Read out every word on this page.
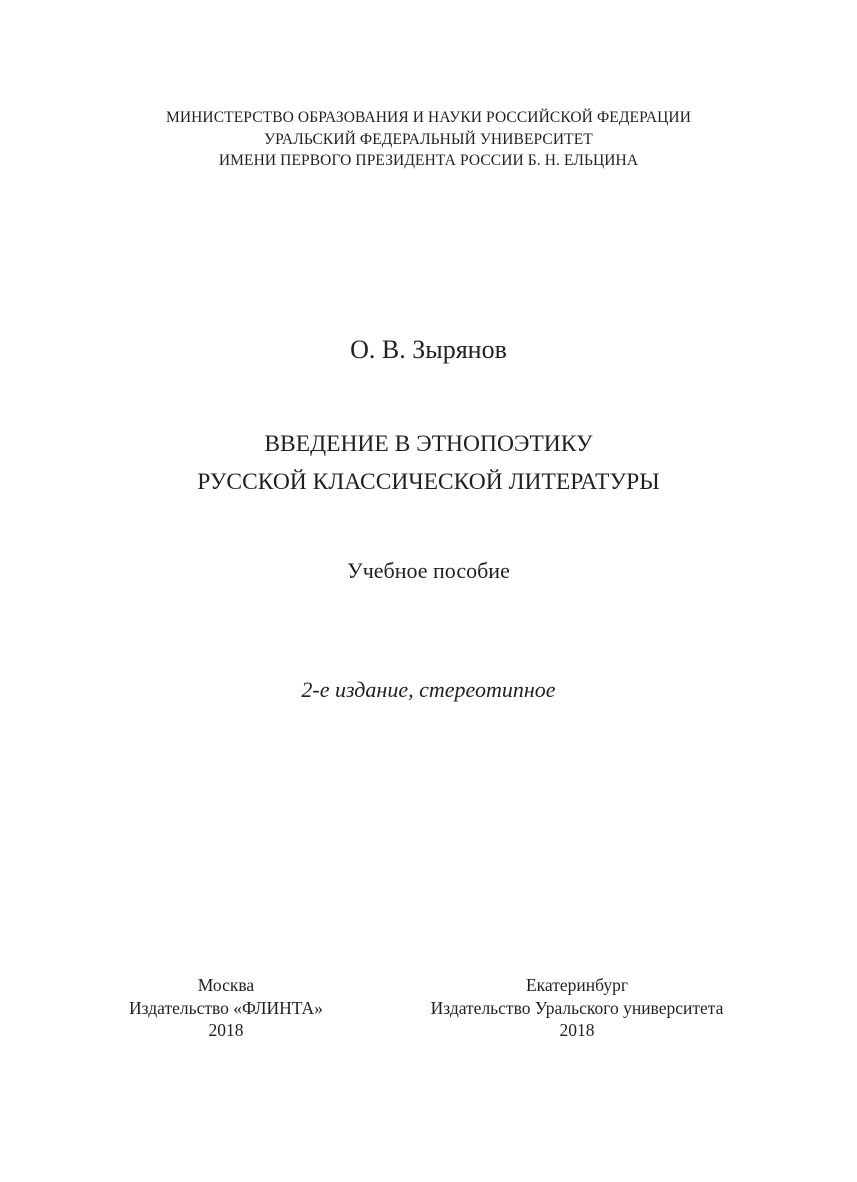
МИНИСТЕРСТВО ОБРАЗОВАНИЯ И НАУКИ РОССИЙСКОЙ ФЕДЕРАЦИИ
УРАЛЬСКИЙ ФЕДЕРАЛЬНЫЙ УНИВЕРСИТЕТ
ИМЕНИ ПЕРВОГО ПРЕЗИДЕНТА РОССИИ Б. Н. ЕЛЬЦИНА
О. В. Зырянов
ВВЕДЕНИЕ В ЭТНОПОЭТИКУ
РУССКОЙ КЛАССИЧЕСКОЙ ЛИТЕРАТУРЫ
Учебное пособие
2-е издание, стереотипное
Москва
Издательство «ФЛИНТА»
2018
Екатеринбург
Издательство Уральского университета
2018
